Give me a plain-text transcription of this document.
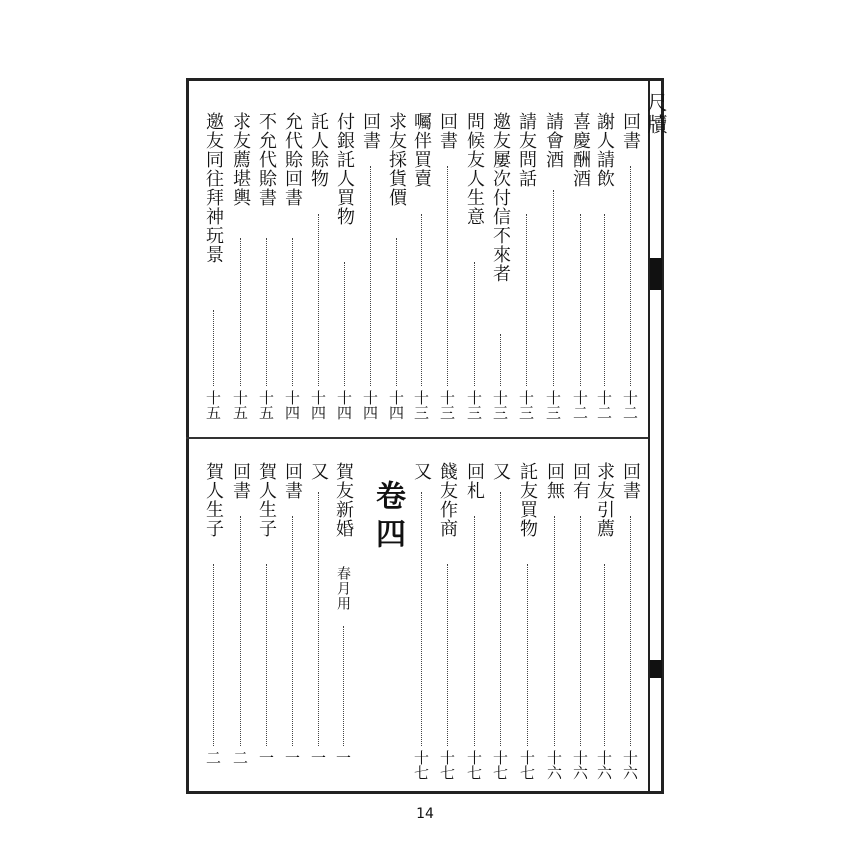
尺牘
回書
十二
謝人請飲
十二
喜慶酬酒
十二
請會酒
十三
請友問話
十三
邀友屢次付信不來者
十三
問候友人生意
十三
回書
十三
囑伴買賣
十三
求友採貨價
十四
回書
十四
付銀託人買物
十四
託人賒物
十四
允代賒回書
十四
不允代賒書
十五
求友薦堪輿
十五
邀友同往拜神玩景
十五
回書
十六
求友引薦
十六
回有
十六
回無
十六
託友買物
十七
又
十七
回札
十七
餞友作商
十七
又
十七
賀友新婚
春月用
一
又
一
回書
一
賀人生子
一
回書
二
賀人生子
二
卷四
14
